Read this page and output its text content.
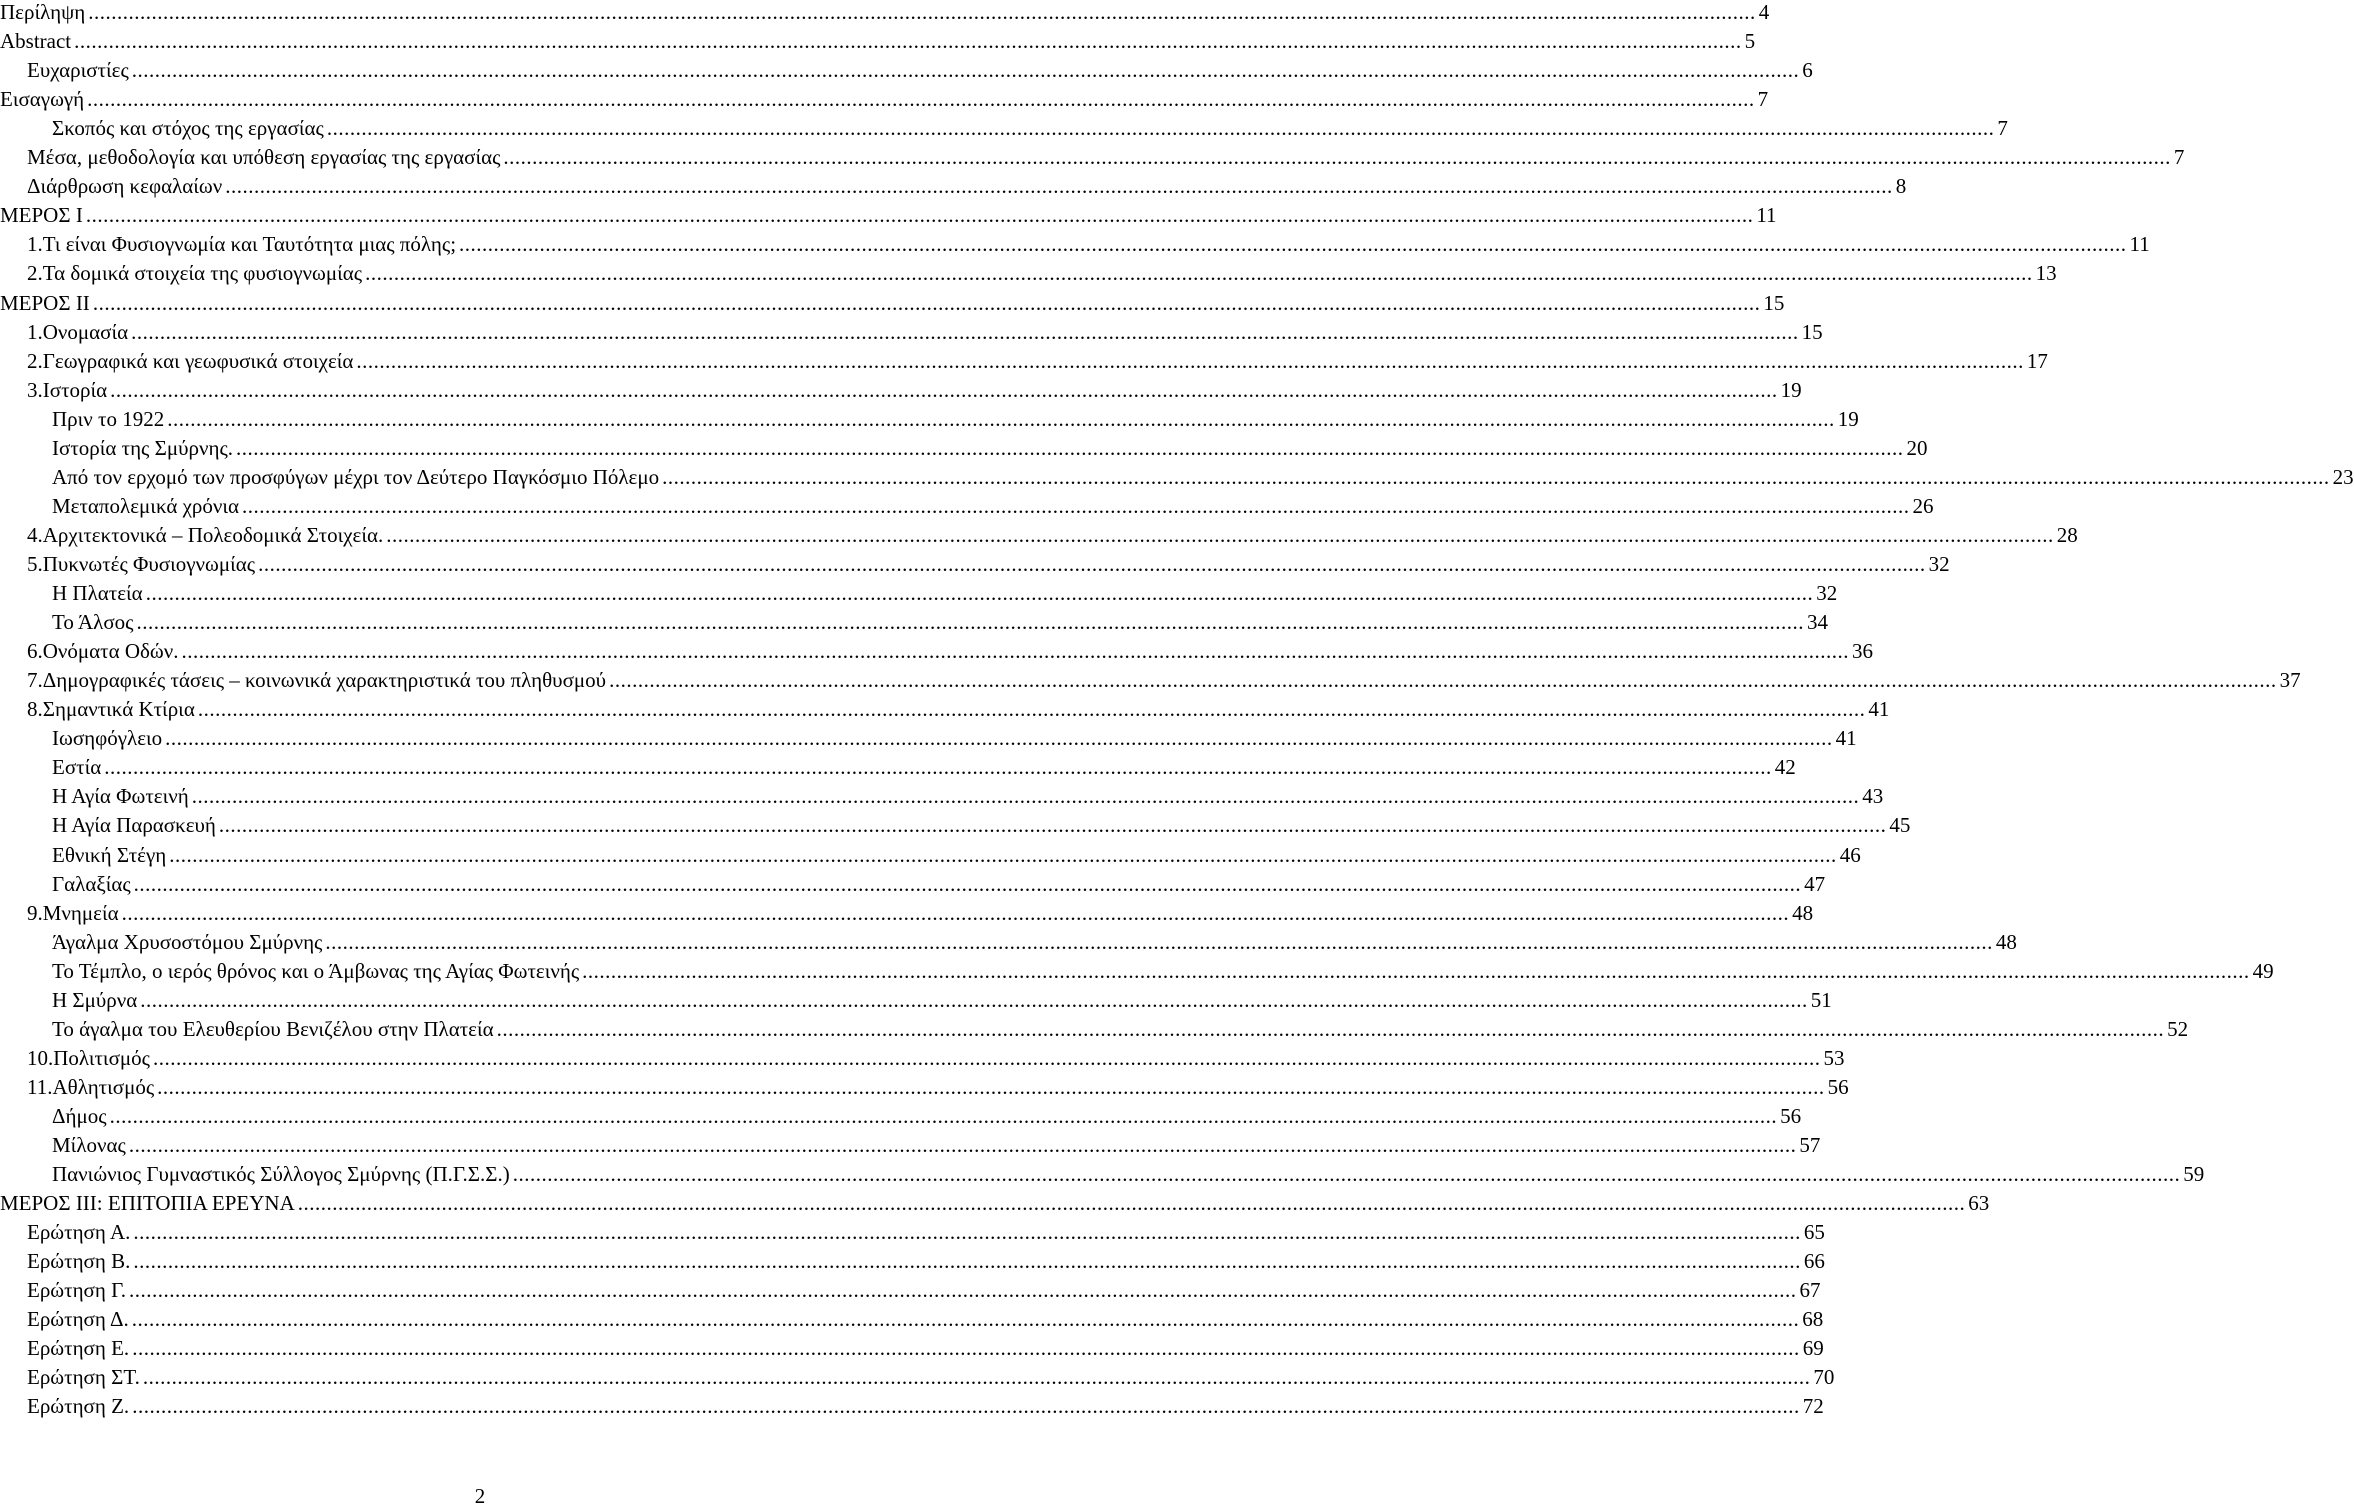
Περίληψη .....	4
Abstract .....	5
Ευχαριστίες .....	6
Εισαγωγή .....	7
Σκοπός και στόχος της εργασίας .....	7
Μέσα, μεθοδολογία και υπόθεση εργασίας της εργασίας .....	7
Διάρθρωση κεφαλαίων .....	8
ΜΕΡΟΣ Ι .....	11
1.Τι είναι Φυσιογνωμία και Ταυτότητα μιας πόλης; .....	11
2.Τα δομικά στοιχεία της φυσιογνωμίας .....	13
ΜΕΡΟΣ ΙΙ .....	15
1.Ονομασία .....	15
2.Γεωγραφικά και γεωφυσικά στοιχεία .....	17
3.Ιστορία .....	19
Πριν το 1922 .....	19
Ιστορία της Σμύρνης. .....	20
Από τον ερχομό των προσφύγων μέχρι τον Δεύτερο Παγκόσμιο Πόλεμο .....	23
Μεταπολεμικά χρόνια .....	26
4.Αρχιτεκτονικά – Πολεοδομικά Στοιχεία. .....	28
5.Πυκνωτές Φυσιογνωμίας .....	32
Η Πλατεία .....	32
Το Άλσος .....	34
6.Ονόματα Οδών. .....	36
7.Δημογραφικές τάσεις – κοινωνικά χαρακτηριστικά του πληθυσμού .....	37
8.Σημαντικά Κτίρια .....	41
Ιωσηφόγλειο .....	41
Εστία .....	42
Η Αγία Φωτεινή .....	43
Η Αγία Παρασκευή .....	45
Εθνική Στέγη .....	46
Γαλαξίας .....	47
9.Μνημεία .....	48
Άγαλμα Χρυσοστόμου Σμύρνης .....	48
Το Τέμπλο, ο ιερός θρόνος και ο Άμβωνας της Αγίας Φωτεινής .....	49
Η Σμύρνα .....	51
Το άγαλμα του Ελευθερίου Βενιζέλου στην Πλατεία .....	52
10.Πολιτισμός .....	53
11.Αθλητισμός .....	56
Δήμος .....	56
Μίλονας .....	57
Πανιώνιος Γυμναστικός Σύλλογος Σμύρνης (Π.Γ.Σ.Σ.) .....	59
ΜΕΡΟΣ ΙΙΙ: ΕΠΙΤΟΠΙΑ ΕΡΕΥΝΑ .....	63
Ερώτηση Α. .....	65
Ερώτηση Β. .....	66
Ερώτηση Γ. .....	67
Ερώτηση Δ. .....	68
Ερώτηση Ε. .....	69
Ερώτηση ΣΤ. .....	70
Ερώτηση Ζ. .....	72
2
